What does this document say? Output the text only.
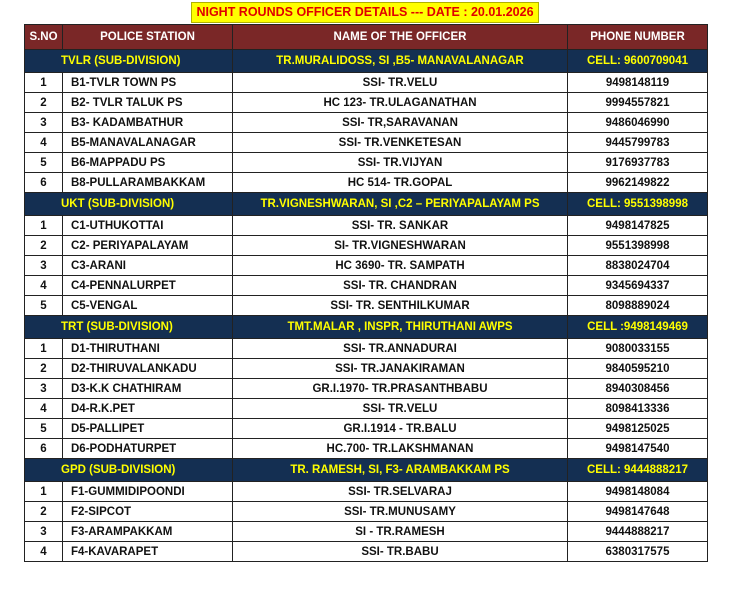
NIGHT ROUNDS OFFICER DETAILS --- DATE : 20.01.2026
S.NO	POLICE STATION	NAME OF THE OFFICER	PHONE NUMBER
TVLR (SUB-DIVISION)		TR.MURALIDOSS, SI ,B5- MANAVALANAGAR	CELL: 9600709041
1	B1-TVLR TOWN PS	SSI- TR.VELU	9498148119
2	B2- TVLR TALUK PS	HC 123- TR.ULAGANATHAN	9994557821
3	B3- KADAMBATHUR	SSI- TR,SARAVANAN	9486046990
4	B5-MANAVALANAGAR	SSI- TR.VENKETESAN	9445799783
5	B6-MAPPADU PS	SSI- TR.VIJYAN	9176937783
6	B8-PULLARAMBAKKAM	HC 514- TR.GOPAL	9962149822
UKT (SUB-DIVISION)		TR.VIGNESHWARAN, SI ,C2 – PERIYAPALAYAM PS	CELL: 9551398998
1	C1-UTHUKOTTAI	SSI- TR. SANKAR	9498147825
2	C2- PERIYAPALAYAM	SI- TR.VIGNESHWARAN	9551398998
3	C3-ARANI	HC 3690- TR. SAMPATH	8838024704
4	C4-PENNALURPET	SSI- TR. CHANDRAN	9345694337
5	C5-VENGAL	SSI- TR. SENTHILKUMAR	8098889024
TRT (SUB-DIVISION)		TMT.MALAR , INSPR, THIRUTHANI AWPS	CELL :9498149469
1	D1-THIRUTHANI	SSI- TR.ANNADURAI	9080033155
2	D2-THIRUVALANKADU	SSI- TR.JANAKIRAMAN	9840595210
3	D3-K.K CHATHIRAM	GR.I.1970- TR.PRASANTHBABU	8940308456
4	D4-R.K.PET	SSI- TR.VELU	8098413336
5	D5-PALLIPET	GR.I.1914 - TR.BALU	9498125025
6	D6-PODHATURPET	HC.700- TR.LAKSHMANAN	9498147540
GPD (SUB-DIVISION)		TR. RAMESH, SI, F3- ARAMBAKKAM PS	CELL: 9444888217
1	F1-GUMMIDIPOONDI	SSI- TR.SELVARAJ	9498148084
2	F2-SIPCOT	SSI- TR.MUNUSAMY	9498147648
3	F3-ARAMPAKKAM	SI - TR.RAMESH	9444888217
4	F4-KAVARAPET	SSI- TR.BABU	6380317575
